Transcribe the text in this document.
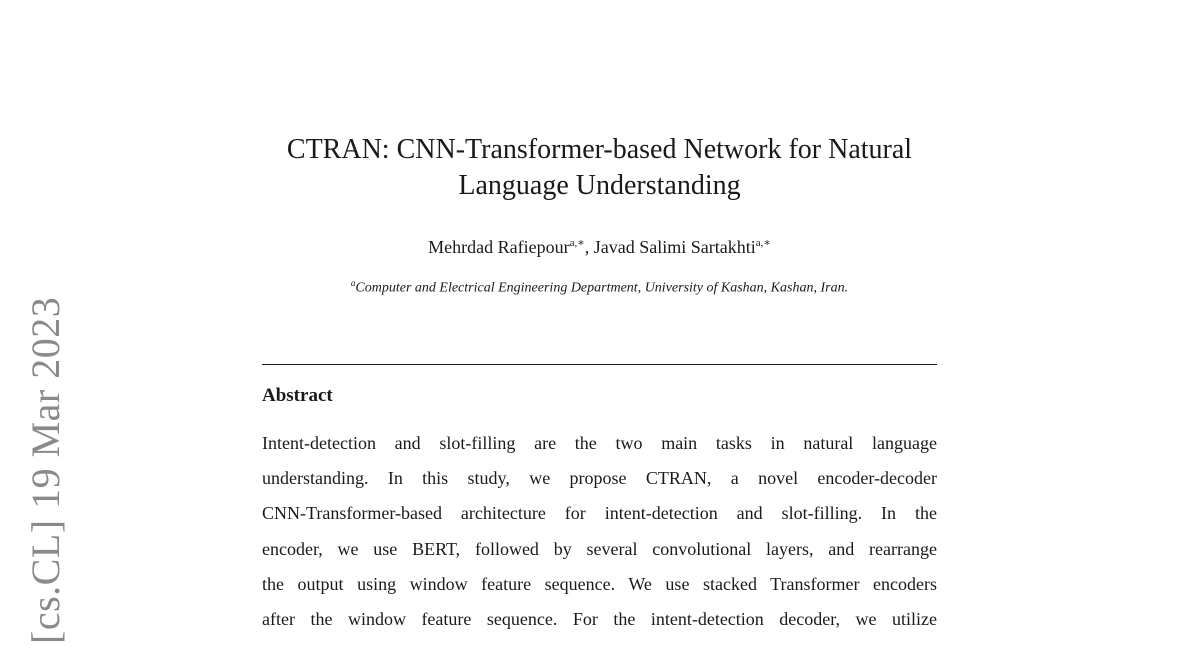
[cs.CL] 19 Mar 2023
CTRAN: CNN-Transformer-based Network for Natural
Language Understanding
Mehrdad Rafiepour$^{a,∗}$, Javad Salimi Sartakhti$^{a,∗}$
$^a$Computer and Electrical Engineering Department, University of Kashan, Kashan, Iran.
Abstract
Intent-detection and slot-filling are the two main tasks in natural language
understanding. In this study, we propose CTRAN, a novel encoder-decoder
CNN-Transformer-based architecture for intent-detection and slot-filling. In the
encoder, we use BERT, followed by several convolutional layers, and rearrange
the output using window feature sequence. We use stacked Transformer encoders
after the window feature sequence. For the intent-detection decoder, we utilize
